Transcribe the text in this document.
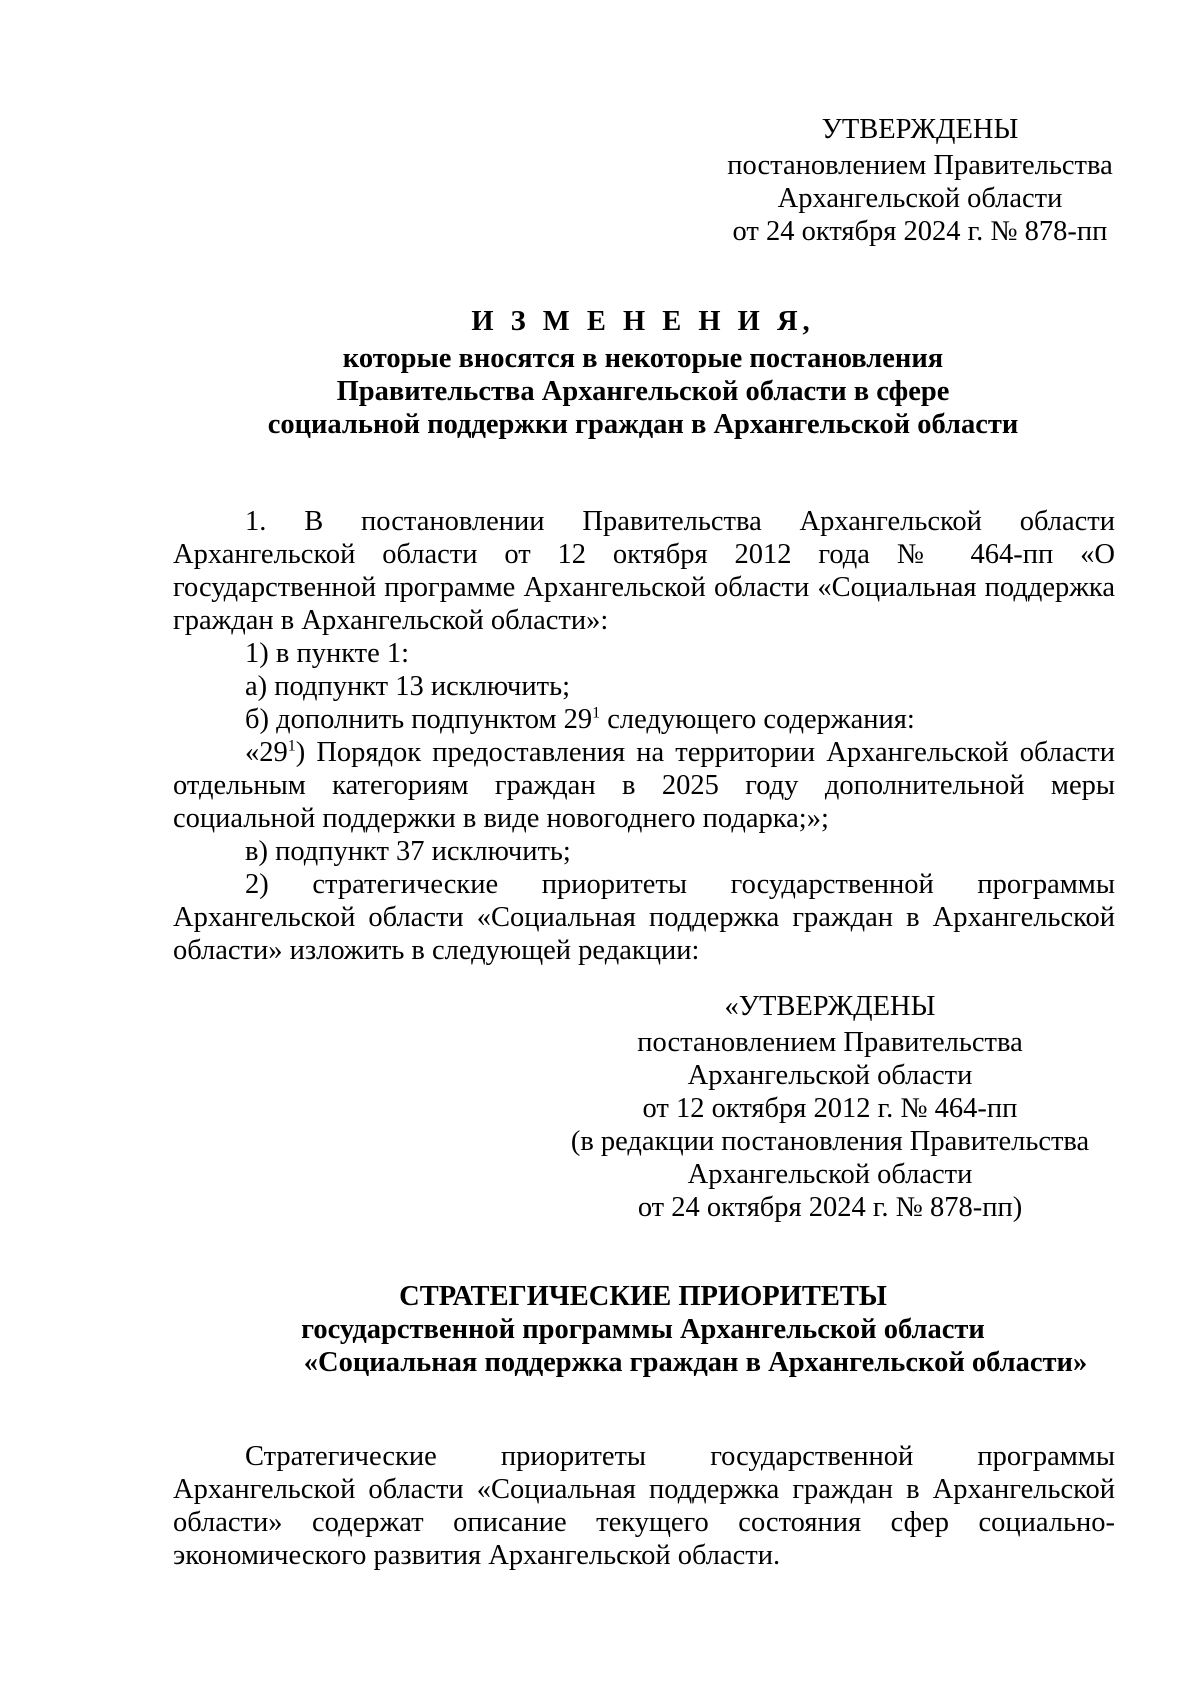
УТВЕРЖДЕНЫ
постановлением Правительства
Архангельской области
от 24 октября 2024 г. № 878-пп
И З М Е Н Е Н И Я,
которые вносятся в некоторые постановления
Правительства Архангельской области в сфере
социальной поддержки граждан в Архангельской области

1. В постановлении Правительства Архангельской области Архангельской области от 12 октября 2012 года № 464-пп «О государственной программе Архангельской области «Социальная поддержка граждан в Архангельской области»:

1) в пункте 1:

а) подпункт 13 исключить;

б) дополнить подпунктом $29^1$ следующего содержания:

«$29^1$) Порядок предоставления на территории Архангельской области отдельным категориям граждан в 2025 году дополнительной меры социальной поддержки в виде новогоднего подарка;»;

в) подпункт 37 исключить;

2) стратегические приоритеты государственной программы Архангельской области «Социальная поддержка граждан в Архангельской области» изложить в следующей редакции:

«УТВЕРЖДЕНЫ
постановлением Правительства
Архангельской области
от 12 октября 2012 г. № 464-пп
(в редакции постановления Правительства
Архангельской области
от 24 октября 2024 г. № 878-пп)
СТРАТЕГИЧЕСКИЕ ПРИОРИТЕТЫ
государственной программы Архангельской области
«Социальная поддержка граждан в Архангельской области»

Стратегические приоритеты государственной программы Архангельской области «Социальная поддержка граждан в Архангельской области» содержат описание текущего состояния сфер социально-экономического развития Архангельской области.
